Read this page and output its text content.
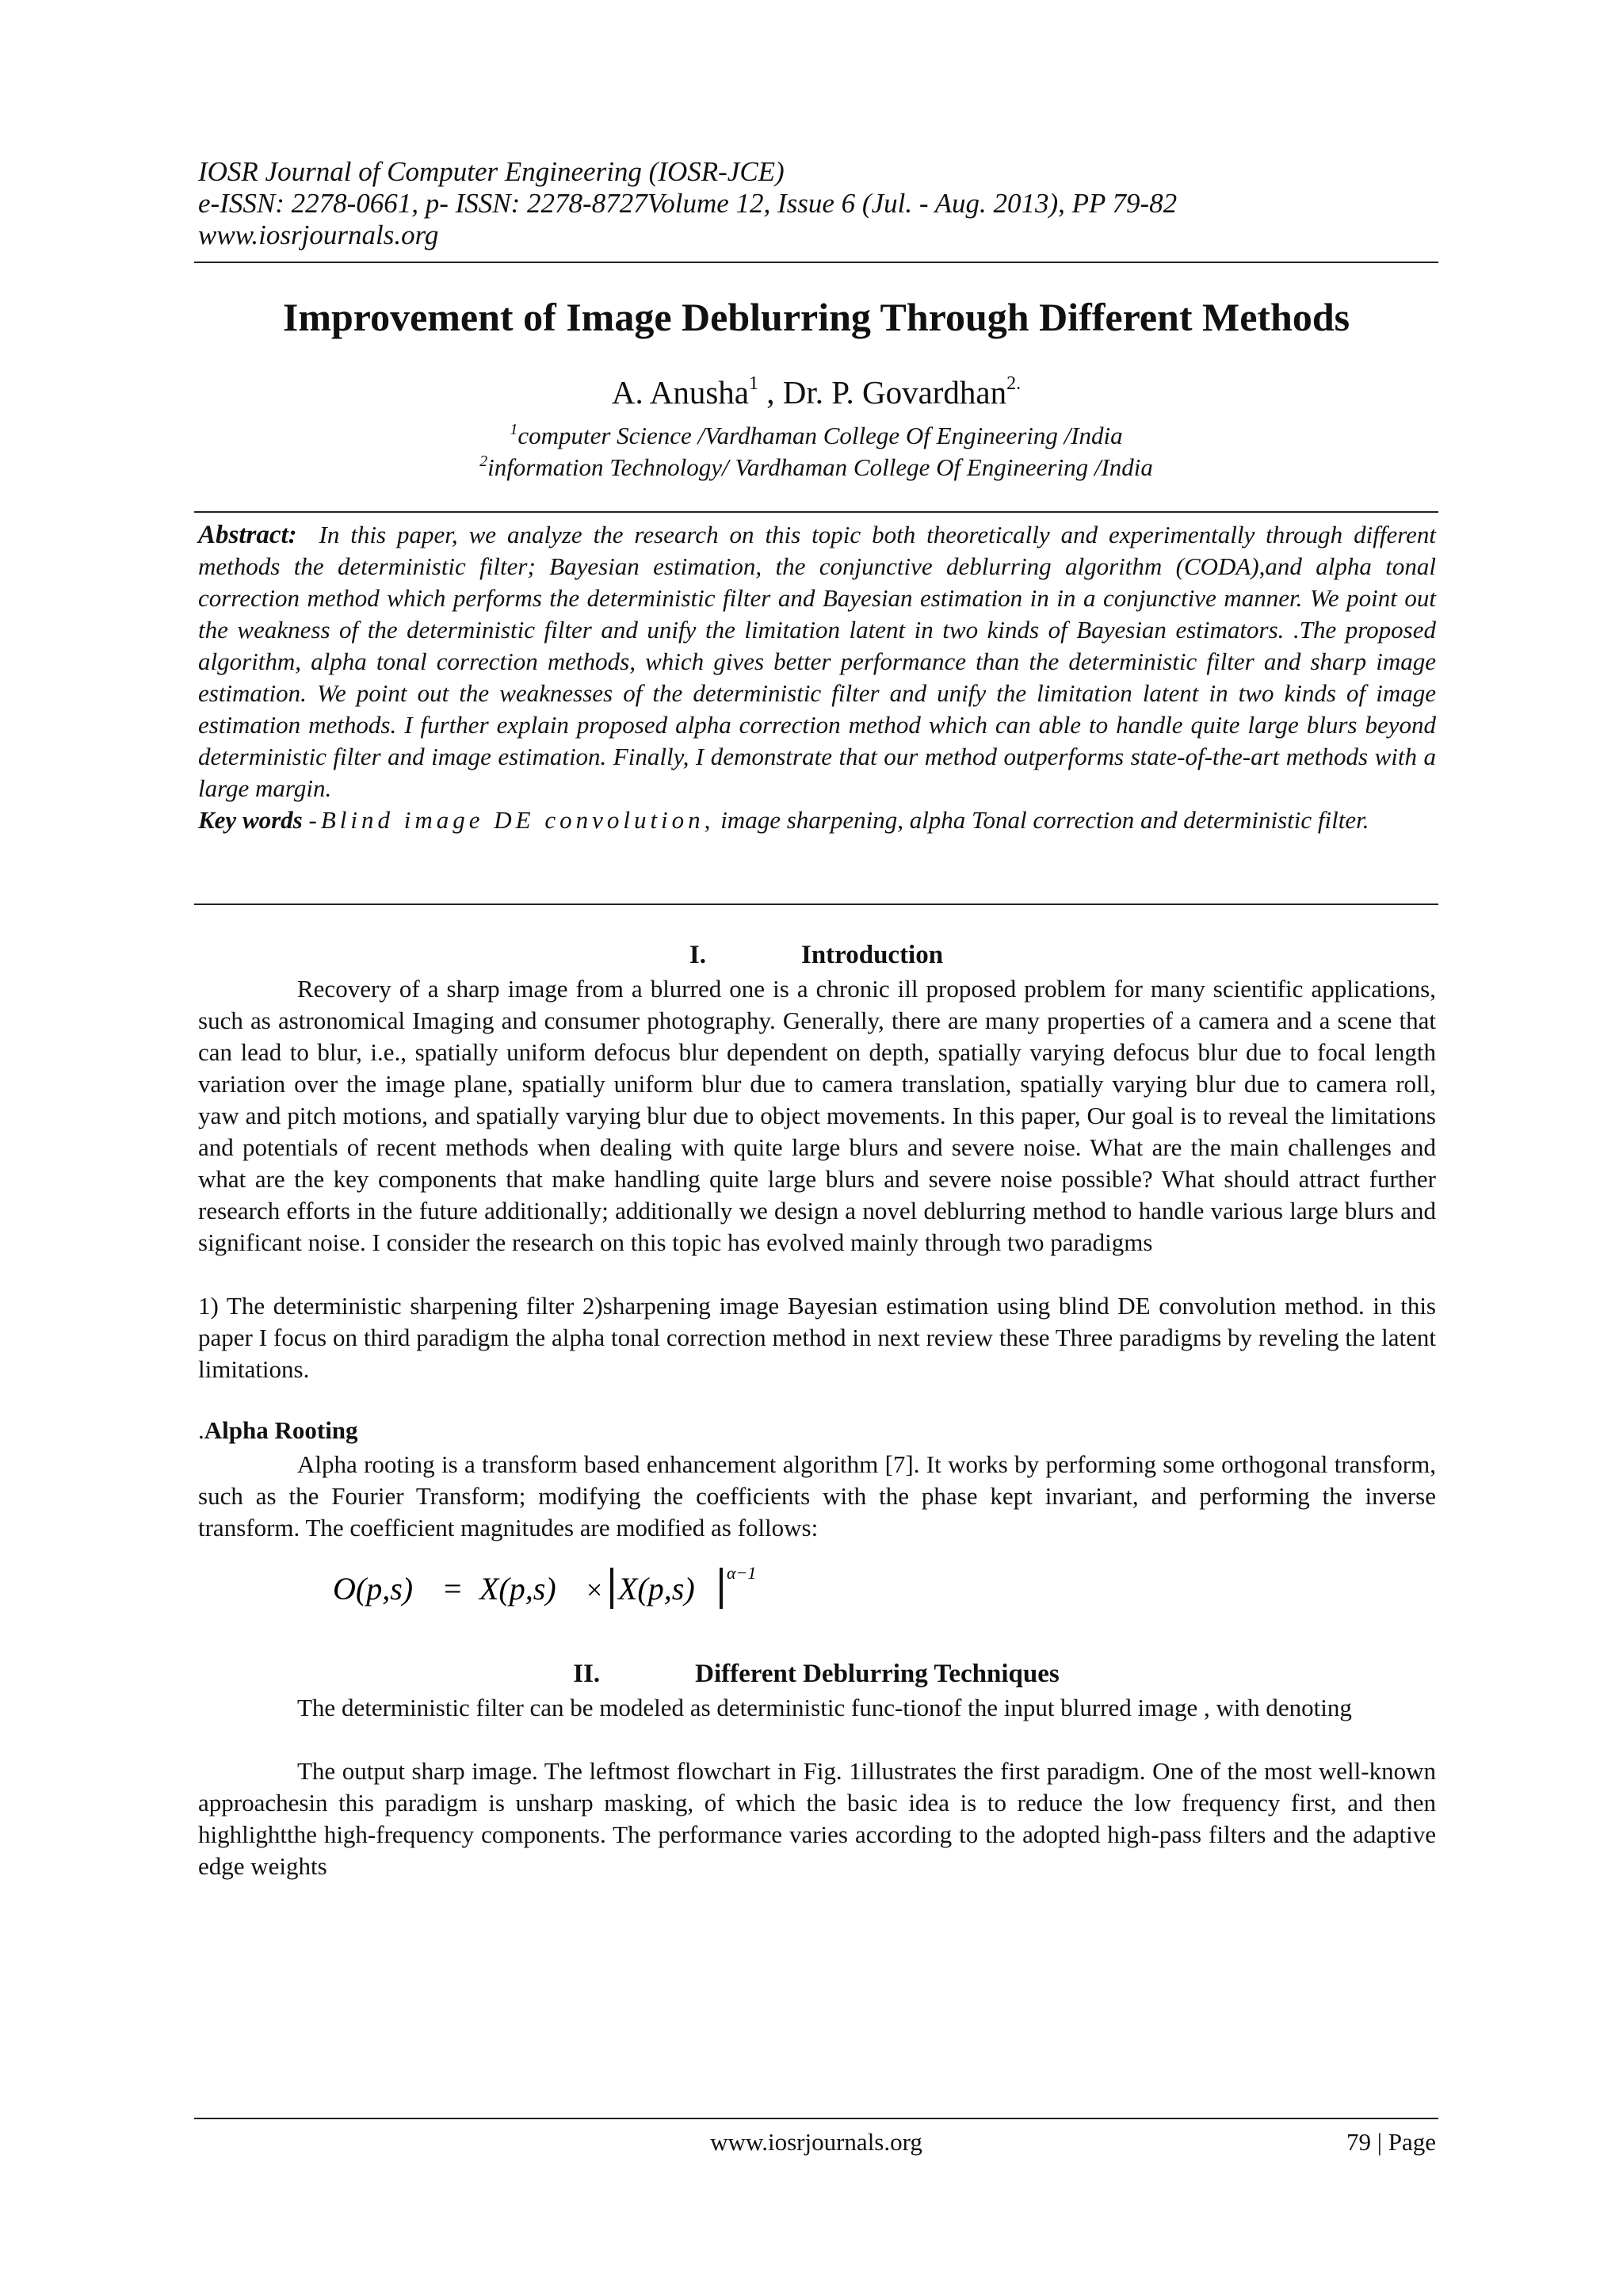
IOSR Journal of Computer Engineering (IOSR-JCE)
e-ISSN: 2278-0661, p- ISSN: 2278-8727Volume 12, Issue 6 (Jul. - Aug. 2013), PP 79-82
www.iosrjournals.org
Improvement of Image Deblurring Through Different Methods
A. Anusha$^1$ , Dr. P. Govardhan$^{2.}$
$^1$computer Science /Vardhaman College Of Engineering /India
$^2$information Technology/ Vardhaman College Of Engineering /India

Abstract: In this paper, we analyze the research on this topic both theoretically and experimentally through different methods the deterministic filter; Bayesian estimation, the conjunctive deblurring algorithm (CODA),and alpha tonal correction method which performs the deterministic filter and Bayesian estimation in in a conjunctive manner. We point out the weakness of the deterministic filter and unify the limitation latent in two kinds of Bayesian estimators. .The proposed algorithm, alpha tonal correction methods, which gives better performance than the deterministic filter and sharp image estimation. We point out the weaknesses of the deterministic filter and unify the limitation latent in two kinds of image estimation methods. I further explain proposed alpha correction method which can able to handle quite large blurs beyond deterministic filter and image estimation. Finally, I demonstrate that our method outperforms state-of-the-art methods with a large margin.
Key words -Blind image DE convolution, image sharpening, alpha Tonal correction and deterministic filter.

I.	Introduction

Recovery of a sharp image from a blurred one is a chronic ill proposed problem for many scientific applications, such as astronomical Imaging and consumer photography. Generally, there are many properties of a camera and a scene that can lead to blur, i.e., spatially uniform defocus blur dependent on depth, spatially varying defocus blur due to focal length variation over the image plane, spatially uniform blur due to camera translation, spatially varying blur due to camera roll, yaw and pitch motions, and spatially varying blur due to object movements. In this paper, Our goal is to reveal the limitations and potentials of recent methods when dealing with quite large blurs and severe noise. What are the main challenges and what are the key components that make handling quite large blurs and severe noise possible? What should attract further research efforts in the future additionally; additionally we design a novel deblurring method to handle various large blurs and significant noise. I consider the research on this topic has evolved mainly through two paradigms

1) The deterministic sharpening filter 2)sharpening image Bayesian estimation using blind DE convolution method. in this paper I focus on third paradigm the alpha tonal correction method in next review these Three paradigms by reveling the latent limitations.

.Alpha Rooting

Alpha rooting is a transform based enhancement algorithm [7]. It works by performing some orthogonal transform, such as the Fourier Transform; modifying the coefficients with the phase kept invariant, and performing the inverse transform. The coefficient magnitudes are modified as follows:

O(p,s) = X(p,s) × X(p,s) α−1
II.	Different Deblurring Techniques

The deterministic filter can be modeled as deterministic func-tionof the input blurred image , with denoting

The output sharp image. The leftmost flowchart in Fig. 1illustrates the first paradigm. One of the most well-known approachesin this paradigm is unsharp masking, of which the basic idea is to reduce the low frequency first, and then highlightthe high-frequency components. The performance varies according to the adopted high-pass filters and the adaptive edge weights

www.iosrjournals.org	79 | Page
